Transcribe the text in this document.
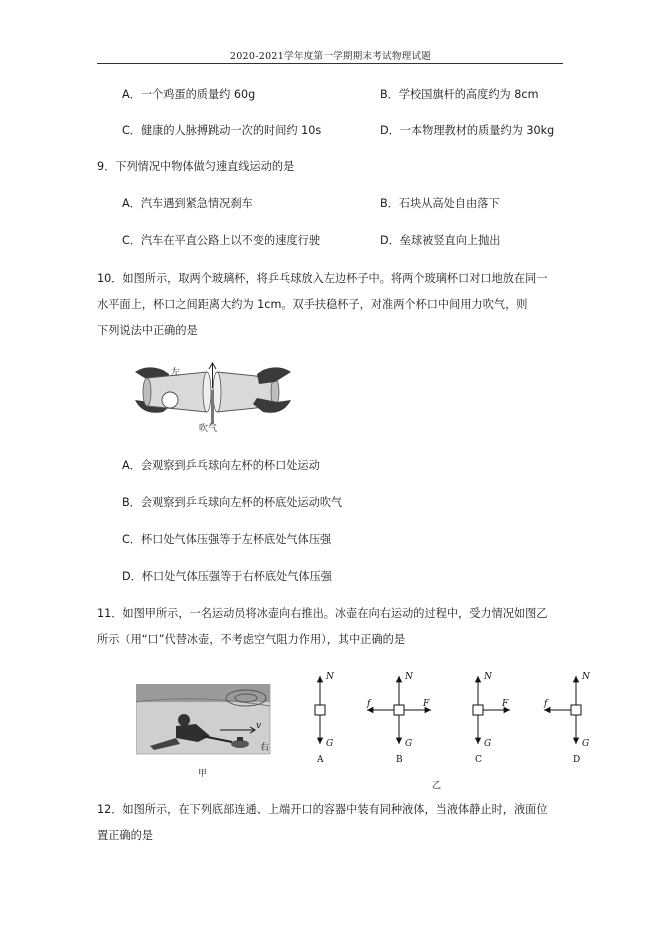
2020-2021学年度第一学期期末考试物理试题
A．一个鸡蛋的质量约 60g	B．学校国旗杆的高度约为 8cm
C．健康的人脉搏跳动一次的时间约 10s	D．一本物理教材的质量约为 30kg
9．下列情况中物体做匀速直线运动的是
A．汽车遇到紧急情况刹车	B．石块从高处自由落下
C．汽车在平直公路上以不变的速度行驶	D．垒球被竖直向上抛出
10．如图所示，取两个玻璃杯，将乒乓球放入左边杯子中。将两个玻璃杯口对口地放在同一
水平面上，杯口之间距离大约为 1cm。双手扶稳杯子，对准两个杯口中间用力吹气，则
下列说法中正确的是
左
吹气
A．会观察到乒乓球向左杯的杯口处运动
B．会观察到乒乓球向左杯的杯底处运动吹气
C．杯口处气体压强等于左杯底处气体压强
D．杯口处气体压强等于右杯底处气体压强
11．如图甲所示，一名运动员将冰壶向右推出。冰壶在向右运动的过程中，受力情况如图乙
所示（用“口”代替冰壶，不考虑空气阻力作用），其中正确的是
v
右
甲
N
G
A
N
G
f	F
B
N
G
F
C
N
G
f
D
乙
12．如图所示，在下列底部连通、上端开口的容器中装有同种液体，当液体静止时，液面位
置正确的是
